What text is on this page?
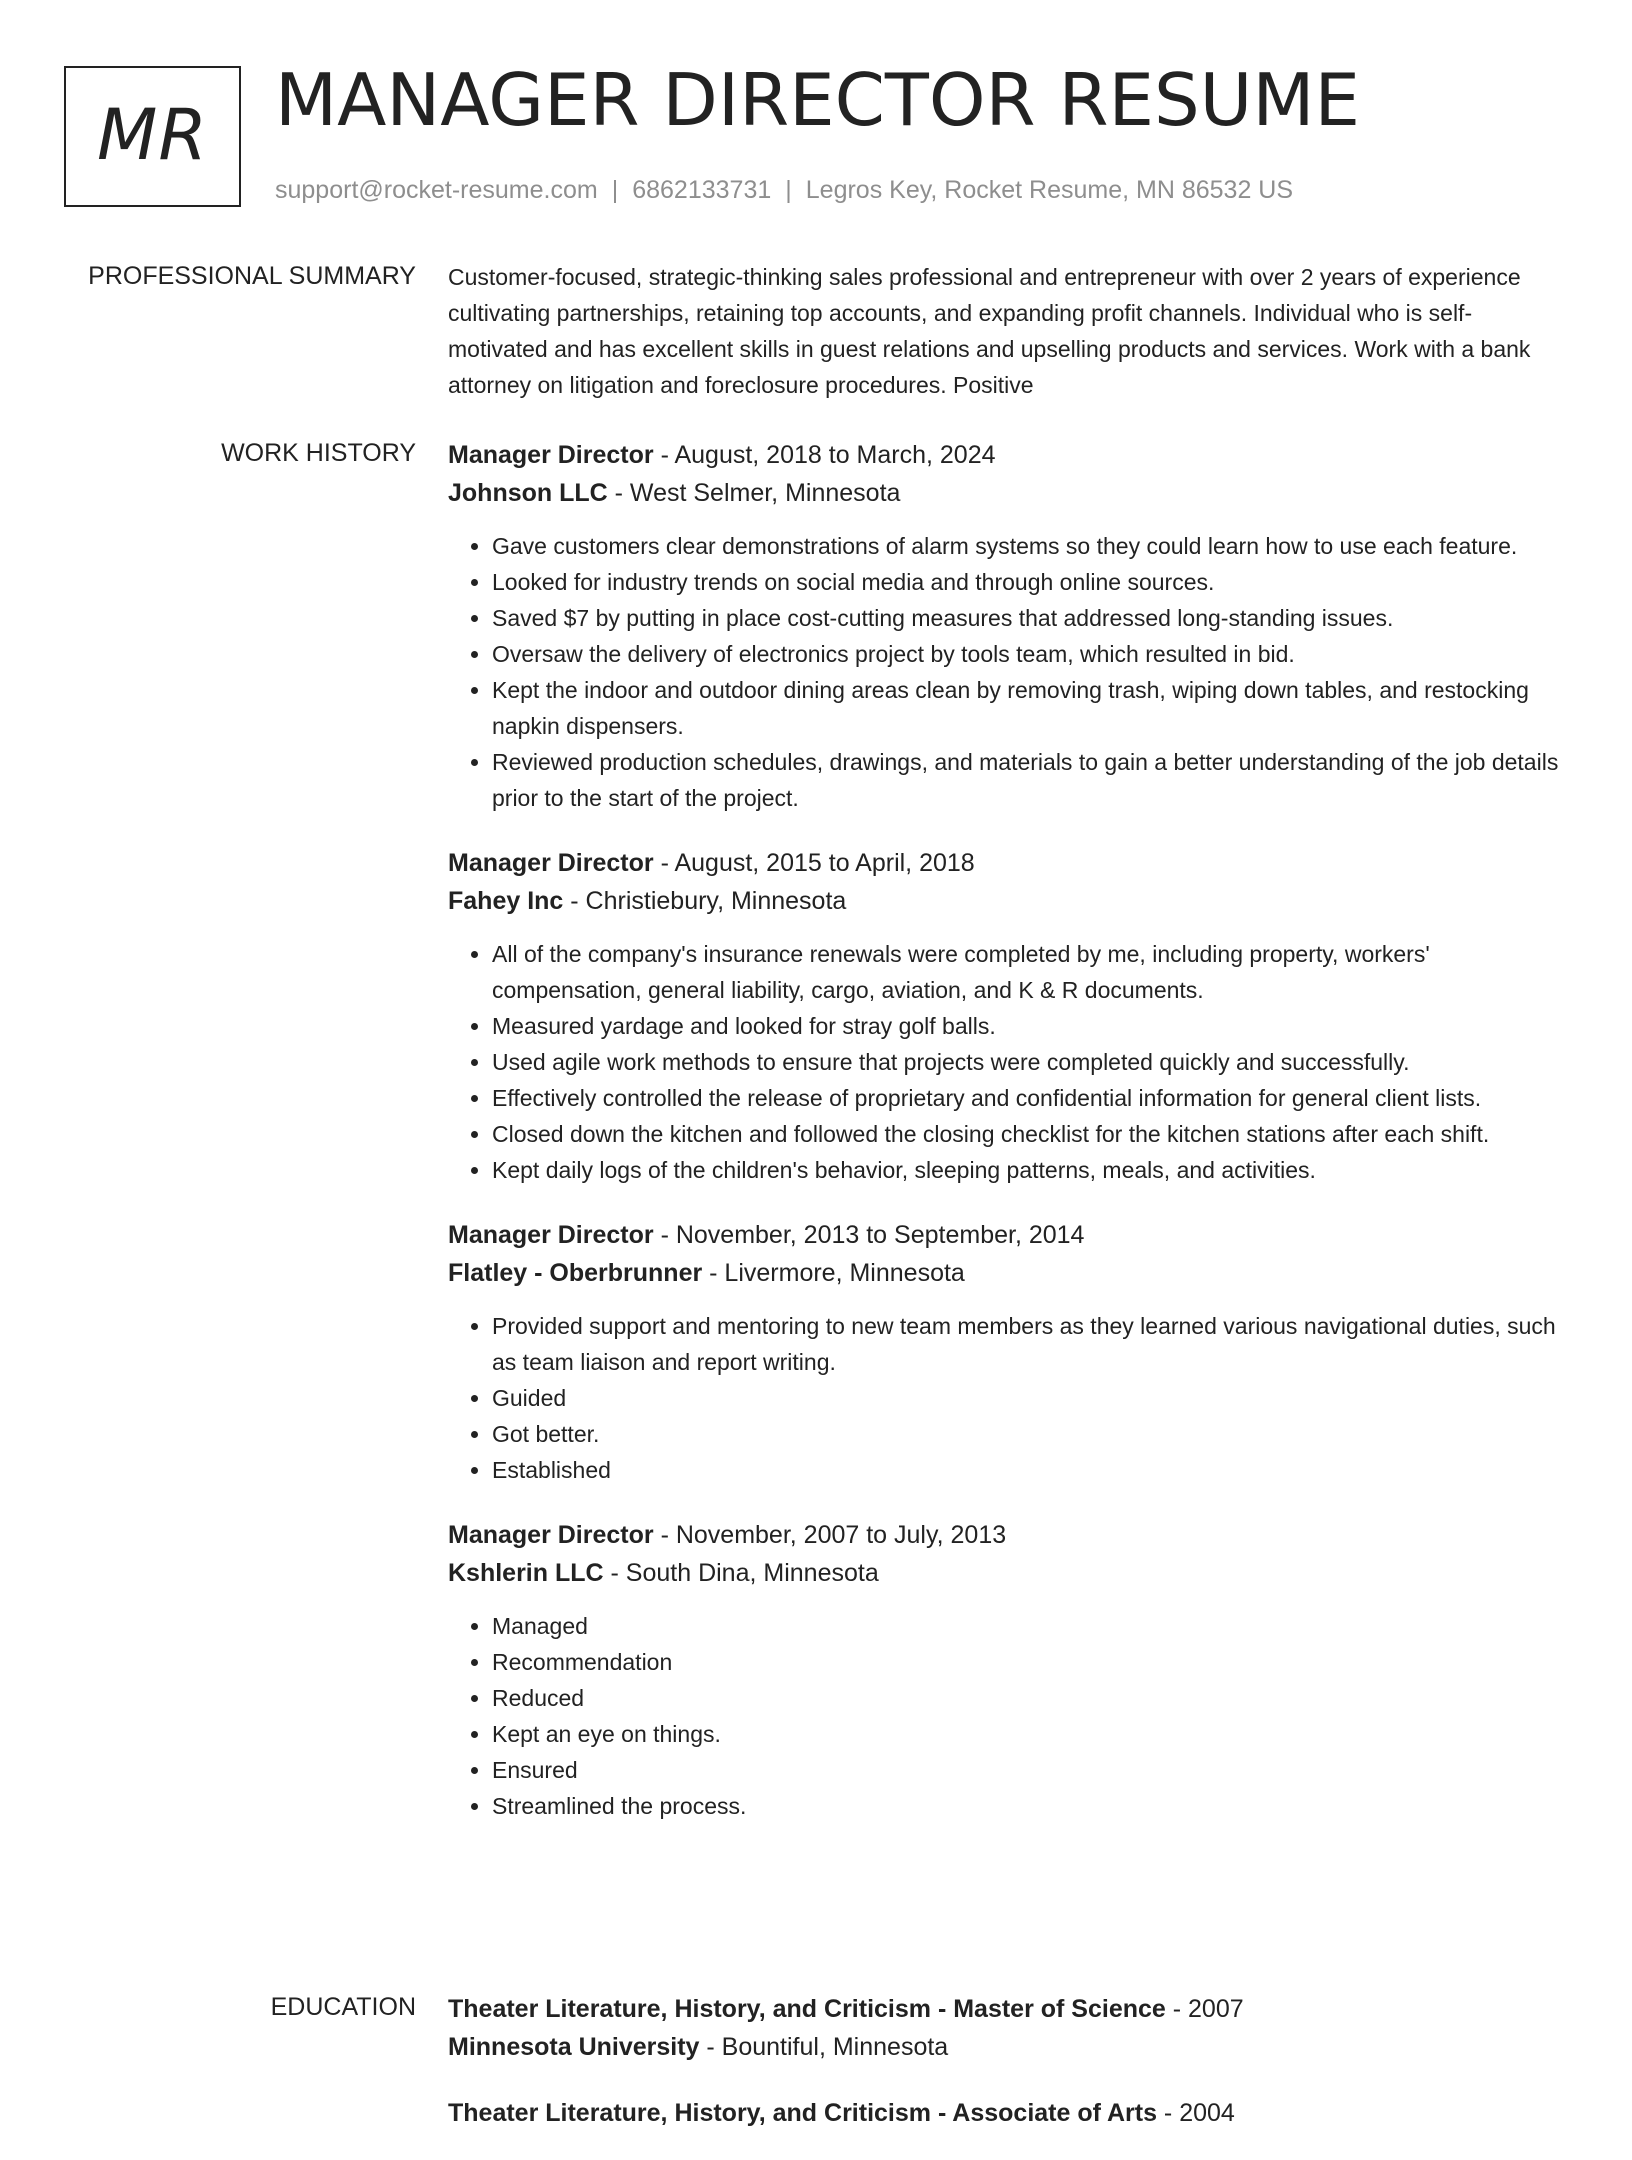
MR MANAGER DIRECTOR RESUME
support@rocket-resume.com | 6862133731 | Legros Key, Rocket Resume, MN 86532 US
PROFESSIONAL SUMMARY Customer-focused, strategic-thinking sales professional and entrepreneur with over 2 years of experience cultivating partnerships, retaining top accounts, and expanding profit channels. Individual who is self-motivated and has excellent skills in guest relations and upselling products and services. Work with a bank attorney on litigation and foreclosure procedures. Positive

WORK HISTORY Manager Director - August, 2018 to March, 2024

Johnson LLC - West Selmer, Minnesota

• Gave customers clear demonstrations of alarm systems so they could learn how to use each feature.
• Looked for industry trends on social media and through online sources.
• Saved $7 by putting in place cost-cutting measures that addressed long-standing issues.
• Oversaw the delivery of electronics project by tools team, which resulted in bid.
• Kept the indoor and outdoor dining areas clean by removing trash, wiping down tables, and restocking napkin dispensers.
• Reviewed production schedules, drawings, and materials to gain a better understanding of the job details prior to the start of the project.

Manager Director - August, 2015 to April, 2018

Fahey Inc - Christiebury, Minnesota

• All of the company's insurance renewals were completed by me, including property, workers' compensation, general liability, cargo, aviation, and K & R documents.
• Measured yardage and looked for stray golf balls.
• Used agile work methods to ensure that projects were completed quickly and successfully.
• Effectively controlled the release of proprietary and confidential information for general client lists.
• Closed down the kitchen and followed the closing checklist for the kitchen stations after each shift.
• Kept daily logs of the children's behavior, sleeping patterns, meals, and activities.

Manager Director - November, 2013 to September, 2014

Flatley - Oberbrunner - Livermore, Minnesota

• Provided support and mentoring to new team members as they learned various navigational duties, such as team liaison and report writing.
• Guided
• Got better.
• Established

Manager Director - November, 2007 to July, 2013

Kshlerin LLC - South Dina, Minnesota

• Managed
• Recommendation
• Reduced
• Kept an eye on things.
• Ensured
• Streamlined the process.
EDUCATION Theater Literature, History, and Criticism - Master of Science - 2007

Minnesota University - Bountiful, Minnesota

Theater Literature, History, and Criticism - Associate of Arts - 2004
